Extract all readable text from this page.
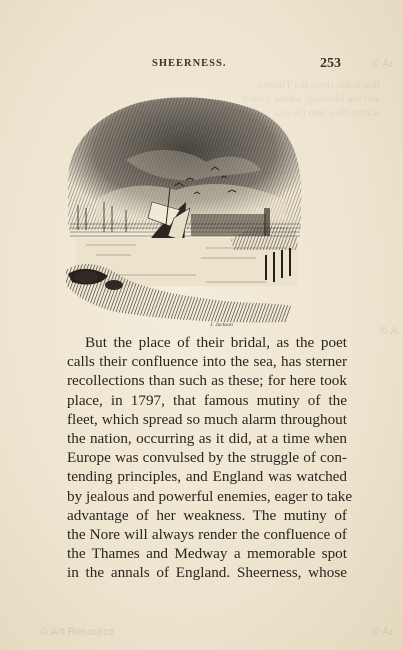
that noble river, the Thames
and the Medway, whose joined
waters flow into the sea
SHEERNESS.	253
J. Jackson
But the place of their bridal, as the poet
calls their confluence into the sea, has sterner
recollections than such as these; for here took
place, in 1797, that famous mutiny of the
fleet, which spread so much alarm throughout
the nation, occurring as it did, at a time when
Europe was convulsed by the struggle of con-
tending principles, and England was watched
by jealous and powerful enemies, eager to take
advantage of her weakness. The mutiny of
the Nore will always render the confluence of
the Thames and Medway a memorable spot
in the annals of England. Sheerness, whose
© Art Resource
© Ar
© Ar
© A
